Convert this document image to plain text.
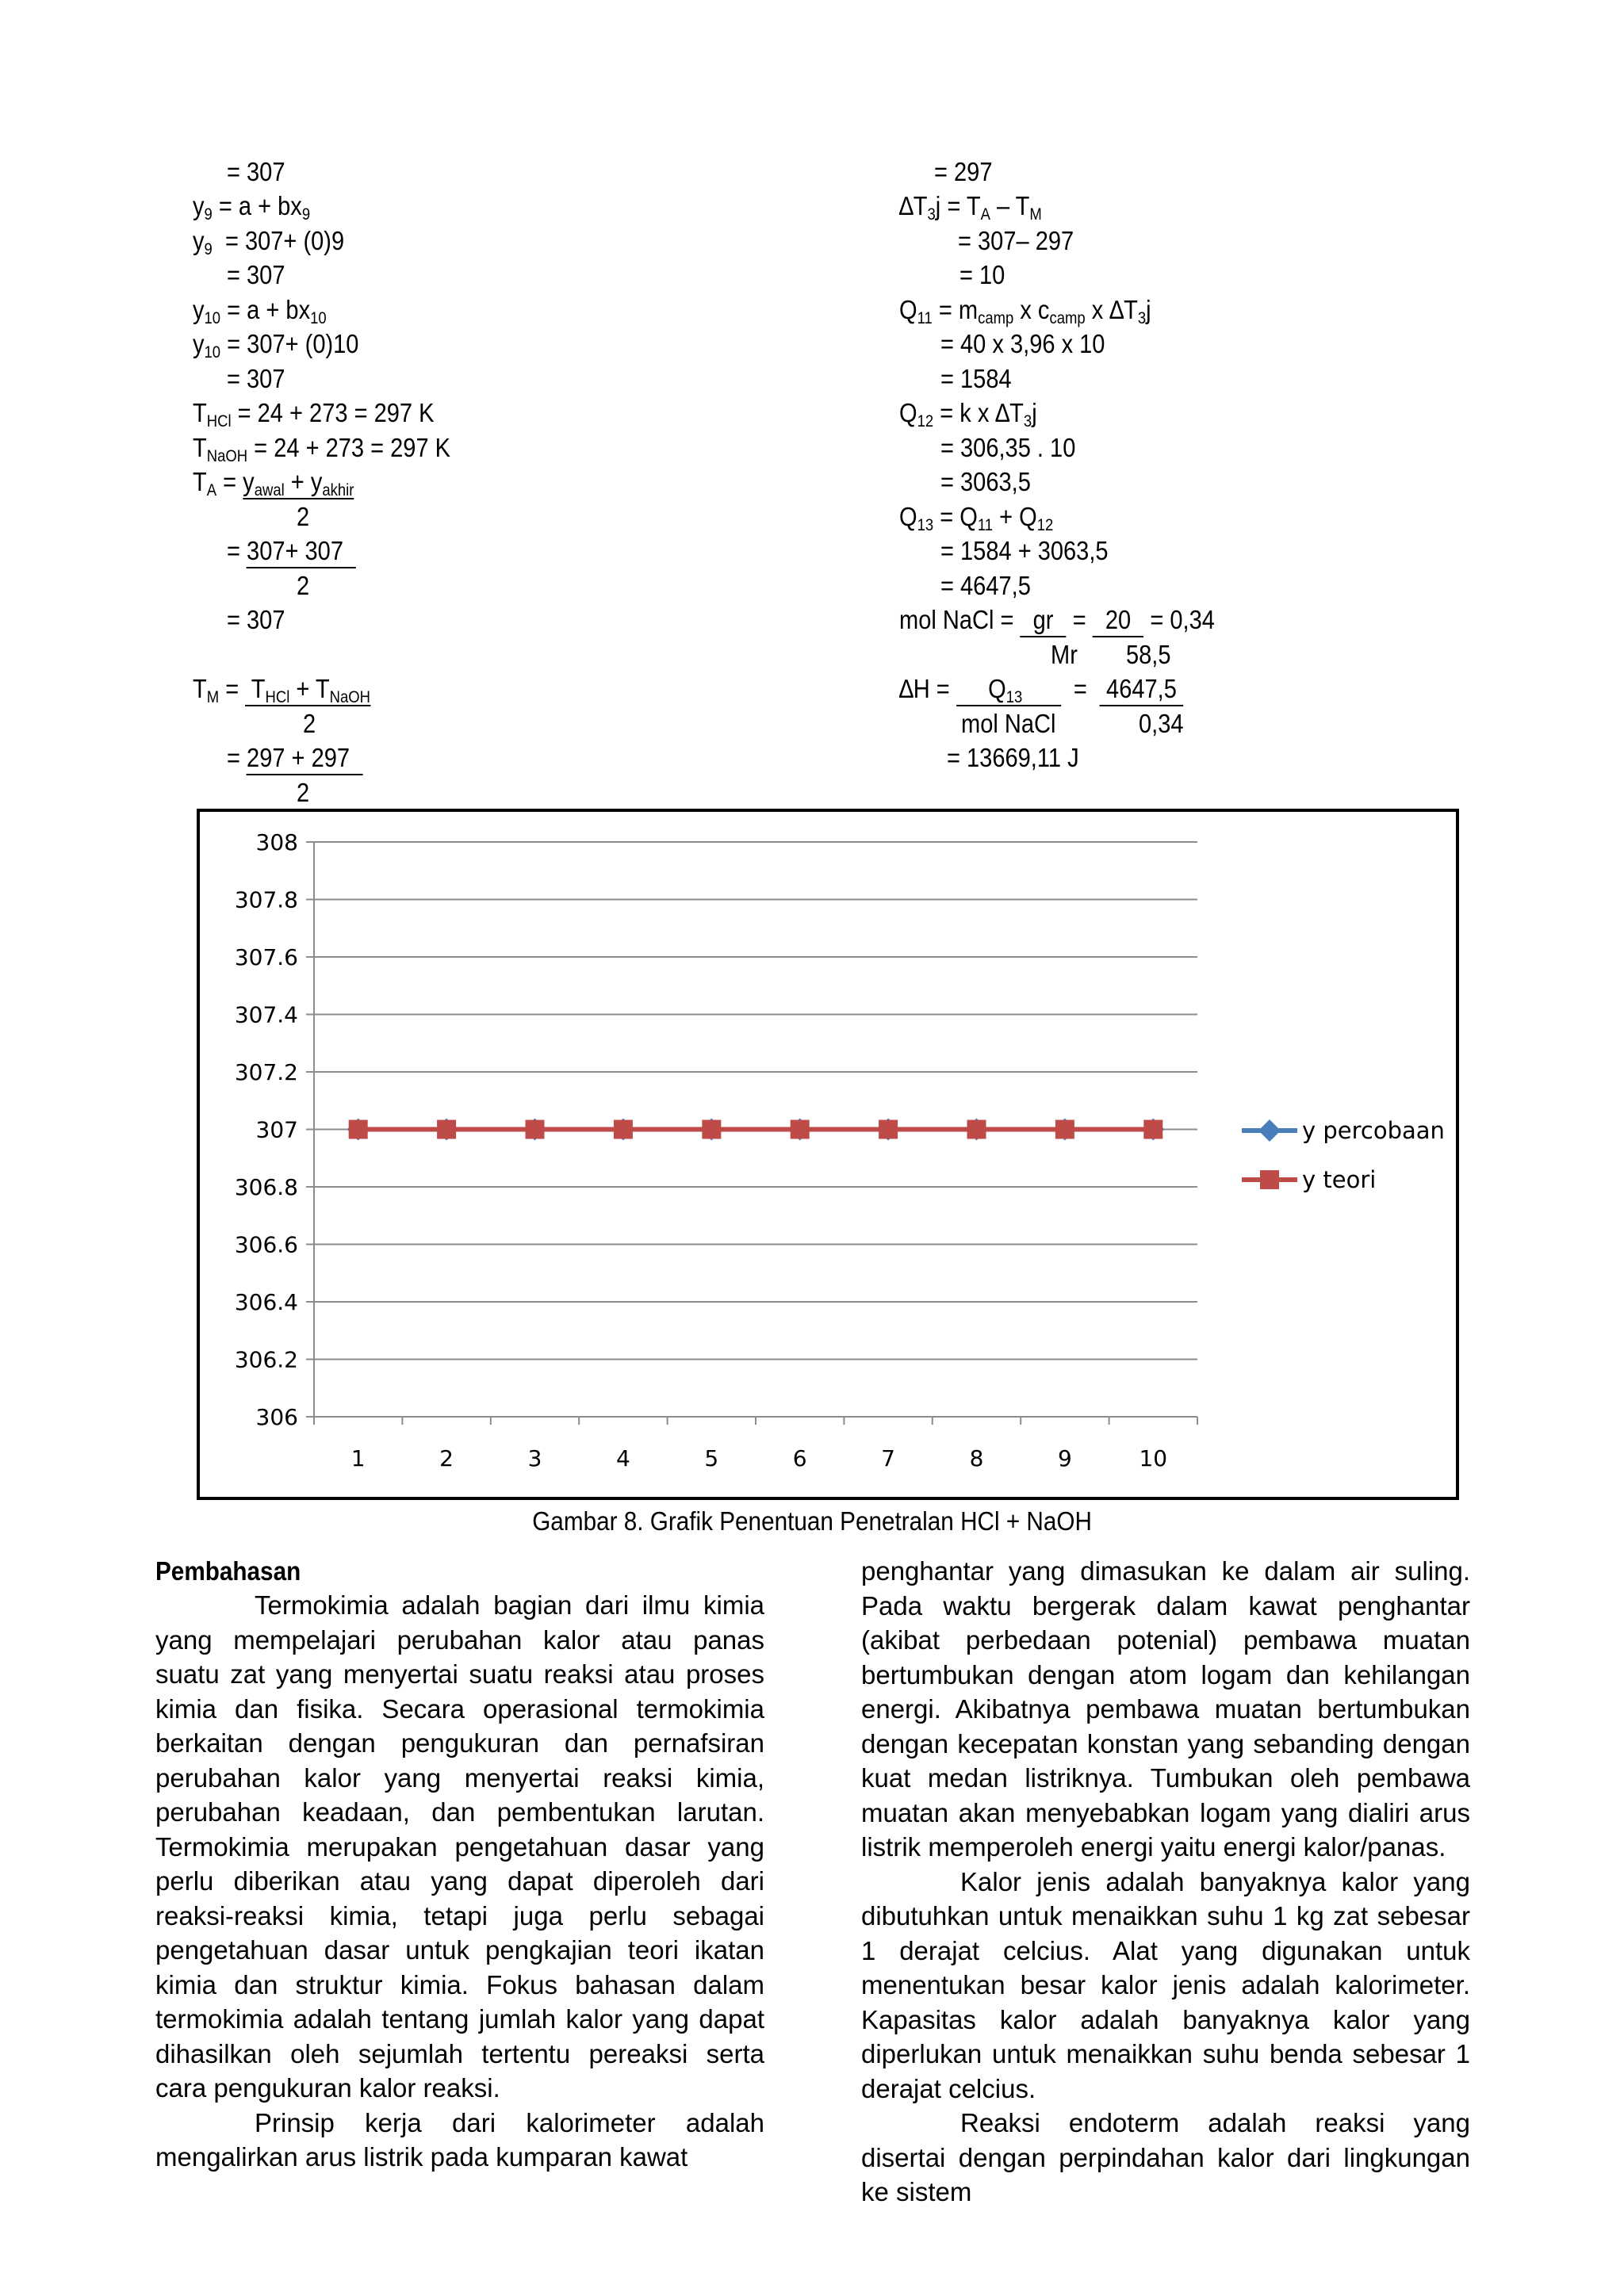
= 307
$y_9 = a + bx_9$
$y_9 = 307+ (0)9$
= 307
$y_{10} = a + bx_{10}$
$y_{10} = 307+ (0)10$
= 307
$T_{HCl} = 24 + 273 = 297$ K
$T_{NaOH} = 24 + 273 = 297$ K
$T_A = y_{awal} + y_{akhir}$
2
= 307+ 307
2
= 307
$T_M = T_{HCl} + T_{NaOH}$
2
= 297 + 297
2
= 297
$\Delta T_3j = T_A - T_M$
= 307– 297
= 10
$Q_{11} = m_{camp}$ x $c_{camp}$ x $\Delta T_3j$
= 40 x 3,96 x 10
= 1584
$Q_{12} = k$ x $\Delta T_3j$
= 306,35 . 10
= 3063,5
$Q_{13} = Q_{11} + Q_{12}$
= 1584 + 3063,5
= 4647,5
mol NaCl =   gr   =   20   = 0,34
Mr 58,5
∆H =      $Q_{13}$        =   4647,5
mol NaCl	0,34
= 13669,11 J
306
306.2
306.4
306.6
306.8
307
307.2
307.4
307.6
307.8
308
1	2	3	4	5	6	7	8	9	10
y percobaan
y teori
Gambar 8. Grafik Penentuan Penetralan HCl + NaOH
Pembahasan

Termokimia adalah bagian dari ilmu kimia yang mempelajari perubahan kalor atau panas suatu zat yang menyertai suatu reaksi atau proses kimia dan fisika. Secara operasional termokimia berkaitan dengan pengukuran dan pernafsiran perubahan kalor yang menyertai reaksi kimia, perubahan keadaan, dan pembentukan larutan. Termokimia merupakan pengetahuan dasar yang perlu diberikan atau yang dapat diperoleh dari reaksi-reaksi kimia, tetapi juga perlu sebagai pengetahuan dasar untuk pengkajian teori ikatan kimia dan struktur kimia. Fokus bahasan dalam termokimia adalah tentang jumlah kalor yang dapat dihasilkan oleh sejumlah tertentu pereaksi serta cara pengukuran kalor reaksi.

Prinsip kerja dari kalorimeter adalah mengalirkan arus listrik pada kumparan kawat

penghantar yang dimasukan ke dalam air suling. Pada waktu bergerak dalam kawat penghantar (akibat perbedaan potenial) pembawa muatan bertumbukan dengan atom logam dan kehilangan energi. Akibatnya pembawa muatan bertumbukan dengan kecepatan konstan yang sebanding dengan kuat medan listriknya. Tumbukan oleh pembawa muatan akan menyebabkan logam yang dialiri arus listrik memperoleh energi yaitu energi kalor/panas.

Kalor jenis adalah banyaknya kalor yang dibutuhkan untuk menaikkan suhu 1 kg zat sebesar 1 derajat celcius. Alat yang digunakan untuk menentukan besar kalor jenis adalah kalorimeter. Kapasitas kalor adalah banyaknya kalor yang diperlukan untuk menaikkan suhu benda sebesar 1 derajat celcius.

Reaksi endoterm adalah reaksi yang disertai dengan perpindahan kalor dari lingkungan ke sistem
